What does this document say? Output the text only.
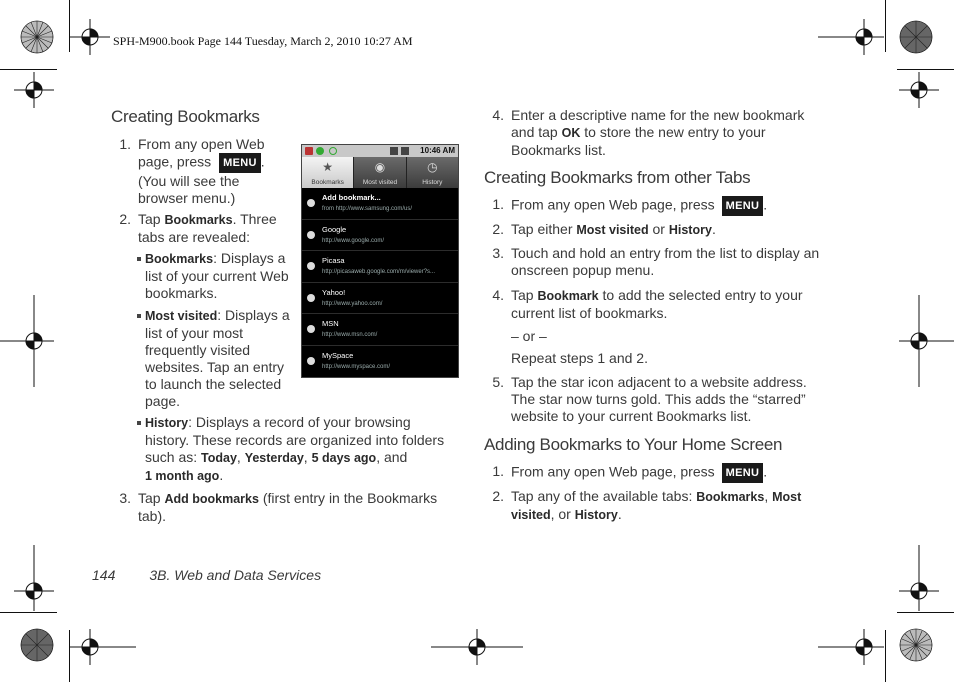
SPH-M900.book Page 144 Tuesday, March 2, 2010 10:27 AM
Creating Bookmarks
1. From any open Web
page, press MENU .
(You will see the
browser menu.)
2. Tap Bookmarks. Three
tabs are revealed:
Bookmarks: Displays a
list of your current Web
bookmarks.
Most visited: Displays a
list of your most
frequently visited
websites. Tap an entry
to launch the selected
page.
History: Displays a record of your browsing
history. These records are organized into folders
such as: Today, Yesterday, 5 days ago, and
1 month ago.
3. Tap Add bookmarks (first entry in the Bookmarks
tab).
10:46 AM
★
Bookmarks
◉
Most visited
◷
History
Add bookmark...
from http://www.samsung.com/us/
Google
http://www.google.com/
Picasa
http://picasaweb.google.com/m/viewer?s...
Yahoo!
http://www.yahoo.com/
MSN
http://www.msn.com/
MySpace
http://www.myspace.com/
4. Enter a descriptive name for the new bookmark
and tap OK to store the new entry to your
Bookmarks list.
Creating Bookmarks from other Tabs
1. From any open Web page, press MENU .
2. Tap either Most visited or History.
3. Touch and hold an entry from the list to display an
onscreen popup menu.
4. Tap Bookmark to add the selected entry to your
current list of bookmarks.
– or –
Repeat steps 1 and 2.
5. Tap the star icon adjacent to a website address.
The star now turns gold. This adds the “starred”
website to your current Bookmarks list.
Adding Bookmarks to Your Home Screen
1. From any open Web page, press MENU .
2. Tap any of the available tabs: Bookmarks, Most
visited, or History.
144 3B. Web and Data Services
